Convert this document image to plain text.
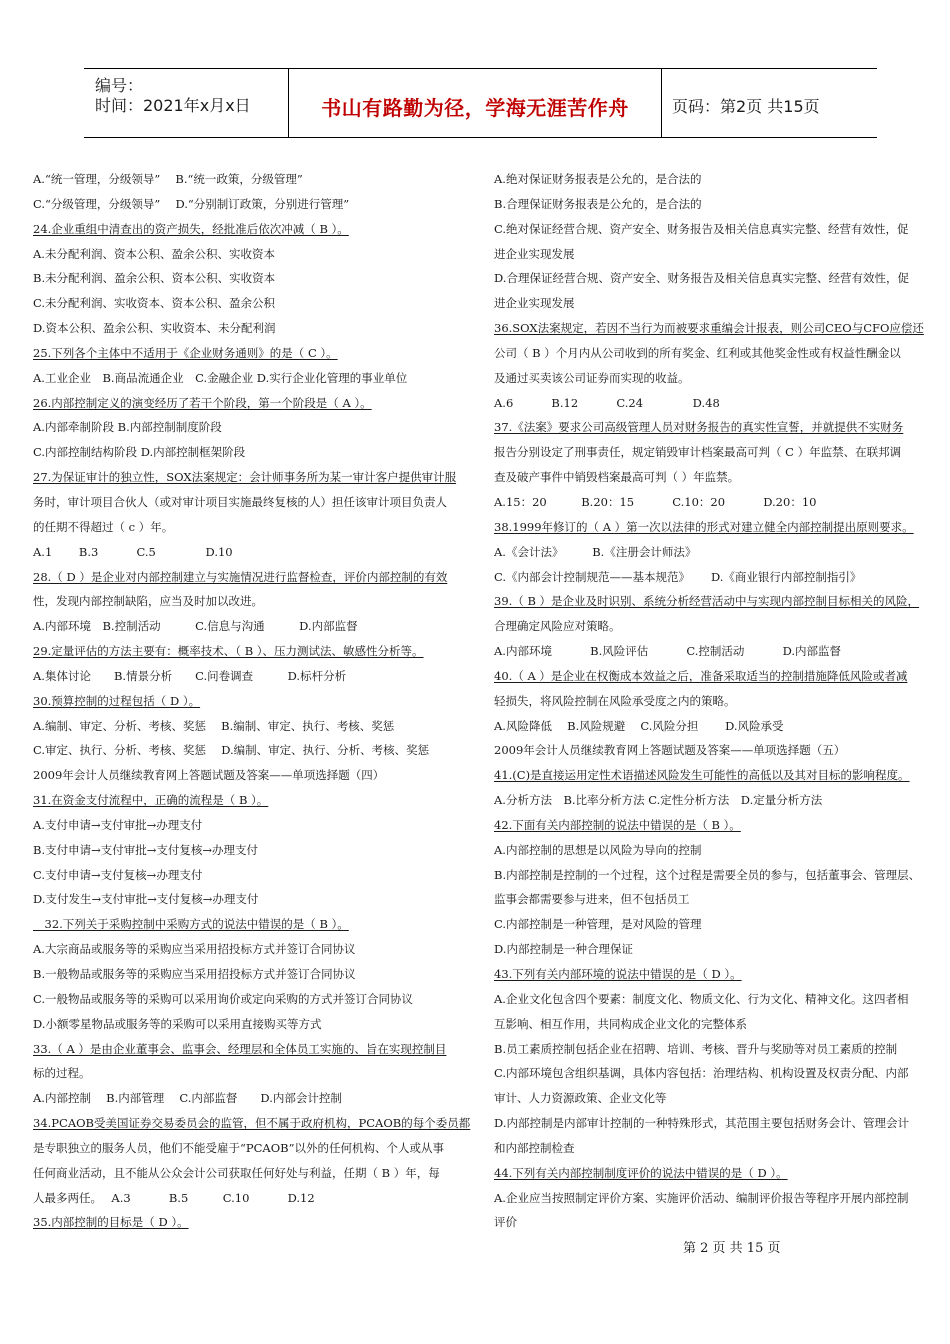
编号：
时间：2021年x月x日	书山有路勤为径，学海无涯苦作舟	页码：第2页 共15页
A.“统一管理，分级领导”　 B.“统一政策，分级管理”
C.“分级管理，分级领导”　 D.“分别制订政策，分别进行管理”
24.企业重组中清查出的资产损失，经批准后依次冲减（ B ）。
A.未分配利润、资本公积、盈余公积、实收资本
B.未分配利润、盈余公积、资本公积、实收资本
C.未分配利润、实收资本、资本公积、盈余公积
D.资本公积、盈余公积、实收资本、未分配利润
25.下列各个主体中不适用于《企业财务通则》的是（ C ）。
A.工业企业　B.商品流通企业　C.金融企业 D.实行企业化管理的事业单位
26.内部控制定义的演变经历了若干个阶段，第一个阶段是（ A ）。
A.内部牵制阶段 B.内部控制制度阶段
C.内部控制结构阶段 D.内部控制框架阶段
27.为保证审计的独立性，SOX法案规定：会计师事务所为某一审计客户提供审计服
务时，审计项目合伙人（或对审计项目实施最终复核的人）担任该审计项目负责人
的任期不得超过（ c ）年。
A.1　　 B.3　　　 C.5　　　　 D.10
28.（ D ）是企业对内部控制建立与实施情况进行监督检查，评价内部控制的有效
性，发现内部控制缺陷，应当及时加以改进。
A.内部环境　B.控制活动　　　C.信息与沟通　　　D.内部监督
29.定量评估的方法主要有：概率技术、（ B ）、压力测试法、敏感性分析等。
A.集体讨论　　B.情景分析　　C.问卷调查　　　D.标杆分析
30.预算控制的过程包括（ D ）。
A.编制、审定、分析、考核、奖惩　 B.编制、审定、执行、考核、奖惩
C.审定、执行、分析、考核、奖惩　 D.编制、审定、执行、分析、考核、奖惩
2009年会计人员继续教育网上答题试题及答案——单项选择题（四）
31.在资金支付流程中，正确的流程是（ B ）。
A.支付申请→支付审批→办理支付
B.支付申请→支付审批→支付复核→办理支付
C.支付申请→支付复核→办理支付
D.支付发生→支付审批→支付复核→办理支付
　32.下列关于采购控制中采购方式的说法中错误的是（ B ）。
A.大宗商品或服务等的采购应当采用招投标方式并签订合同协议
B.一般物品或服务等的采购应当采用招投标方式并签订合同协议
C.一般物品或服务等的采购可以采用询价或定向采购的方式并签订合同协议
D.小额零星物品或服务等的采购可以采用直接购买等方式
33.（ A ）是由企业董事会、监事会、经理层和全体员工实施的、旨在实现控制目
标的过程。
A.内部控制　 B.内部管理　 C.内部监督　　D.内部会计控制
34.PCAOB受美国证券交易委员会的监管，但不属于政府机构，PCAOB的每个委员都
是专职独立的服务人员，他们不能受雇于“PCAOB”以外的任何机构、个人或从事
任何商业活动，且不能从公众会计公司获取任何好处与利益，任期（ B ）年，每
人最多两任。　 A.3　　　 B.5　　　C.10　　　 D.12
35.内部控制的目标是（ D ）。
A.绝对保证财务报表是公允的，是合法的
B.合理保证财务报表是公允的，是合法的
C.绝对保证经营合规、资产安全、财务报告及相关信息真实完整、经营有效性，促
进企业实现发展
D.合理保证经营合规、资产安全、财务报告及相关信息真实完整、经营有效性，促
进企业实现发展
36.SOX法案规定，若因不当行为而被要求重编会计报表，则公司CEO与CFO应偿还
公司（ B ）个月内从公司收到的所有奖金、红利或其他奖金性或有权益性酬金以
及通过买卖该公司证券而实现的收益。
A.6　　　 B.12　　　 C.24　　　　 D.48
37.《法案》要求公司高级管理人员对财务报告的真实性宣誓，并就提供不实财务
报告分别设定了刑事责任，规定销毁审计档案最高可判（ C ）年监禁、在联邦调
查及破产事件中销毁档案最高可判（ ）年监禁。
A.15：20　　　B.20：15　　　 C.10：20　　　 D.20：10
38.1999年修订的（ A ）第一次以法律的形式对建立健全内部控制提出原则要求。
A.《会计法》　　　B.《注册会计师法》
C.《内部会计控制规范——基本规范》　　 D.《商业银行内部控制指引》
39.（ B ）是企业及时识别、系统分析经营活动中与实现内部控制目标相关的风险，
合理确定风险应对策略。
A.内部环境　　　 B.风险评估　　　 C.控制活动　　　 D.内部监督
40.（ A ）是企业在权衡成本效益之后，准备采取适当的控制措施降低风险或者减
轻损失，将风险控制在风险承受度之内的策略。
A.风险降低　 B.风险规避　 C.风险分担　　 D.风险承受
2009年会计人员继续教育网上答题试题及答案——单项选择题（五）
41.(C)是直接运用定性术语描述风险发生可能性的高低以及其对目标的影响程度。
A.分析方法　B.比率分析方法 C.定性分析方法　D.定量分析方法
42.下面有关内部控制的说法中错误的是（ B ）。
A.内部控制的思想是以风险为导向的控制
B.内部控制是控制的一个过程，这个过程是需要全员的参与，包括董事会、管理层、
监事会都需要参与进来，但不包括员工
C.内部控制是一种管理，是对风险的管理
D.内部控制是一种合理保证
43.下列有关内部环境的说法中错误的是（ D ）。
A.企业文化包含四个要素：制度文化、物质文化、行为文化、精神文化。这四者相
互影响、相互作用，共同构成企业文化的完整体系
B.员工素质控制包括企业在招聘、培训、考核、晋升与奖励等对员工素质的控制
C.内部环境包含组织基调，具体内容包括：治理结构、机构设置及权责分配、内部
审计、人力资源政策、企业文化等
D.内部控制是内部审计控制的一种特殊形式，其范围主要包括财务会计、管理会计
和内部控制检查
44.下列有关内部控制制度评价的说法中错误的是（ D ）。
A.企业应当按照制定评价方案、实施评价活动、编制评价报告等程序开展内部控制
评价
第 2 页 共 15 页
